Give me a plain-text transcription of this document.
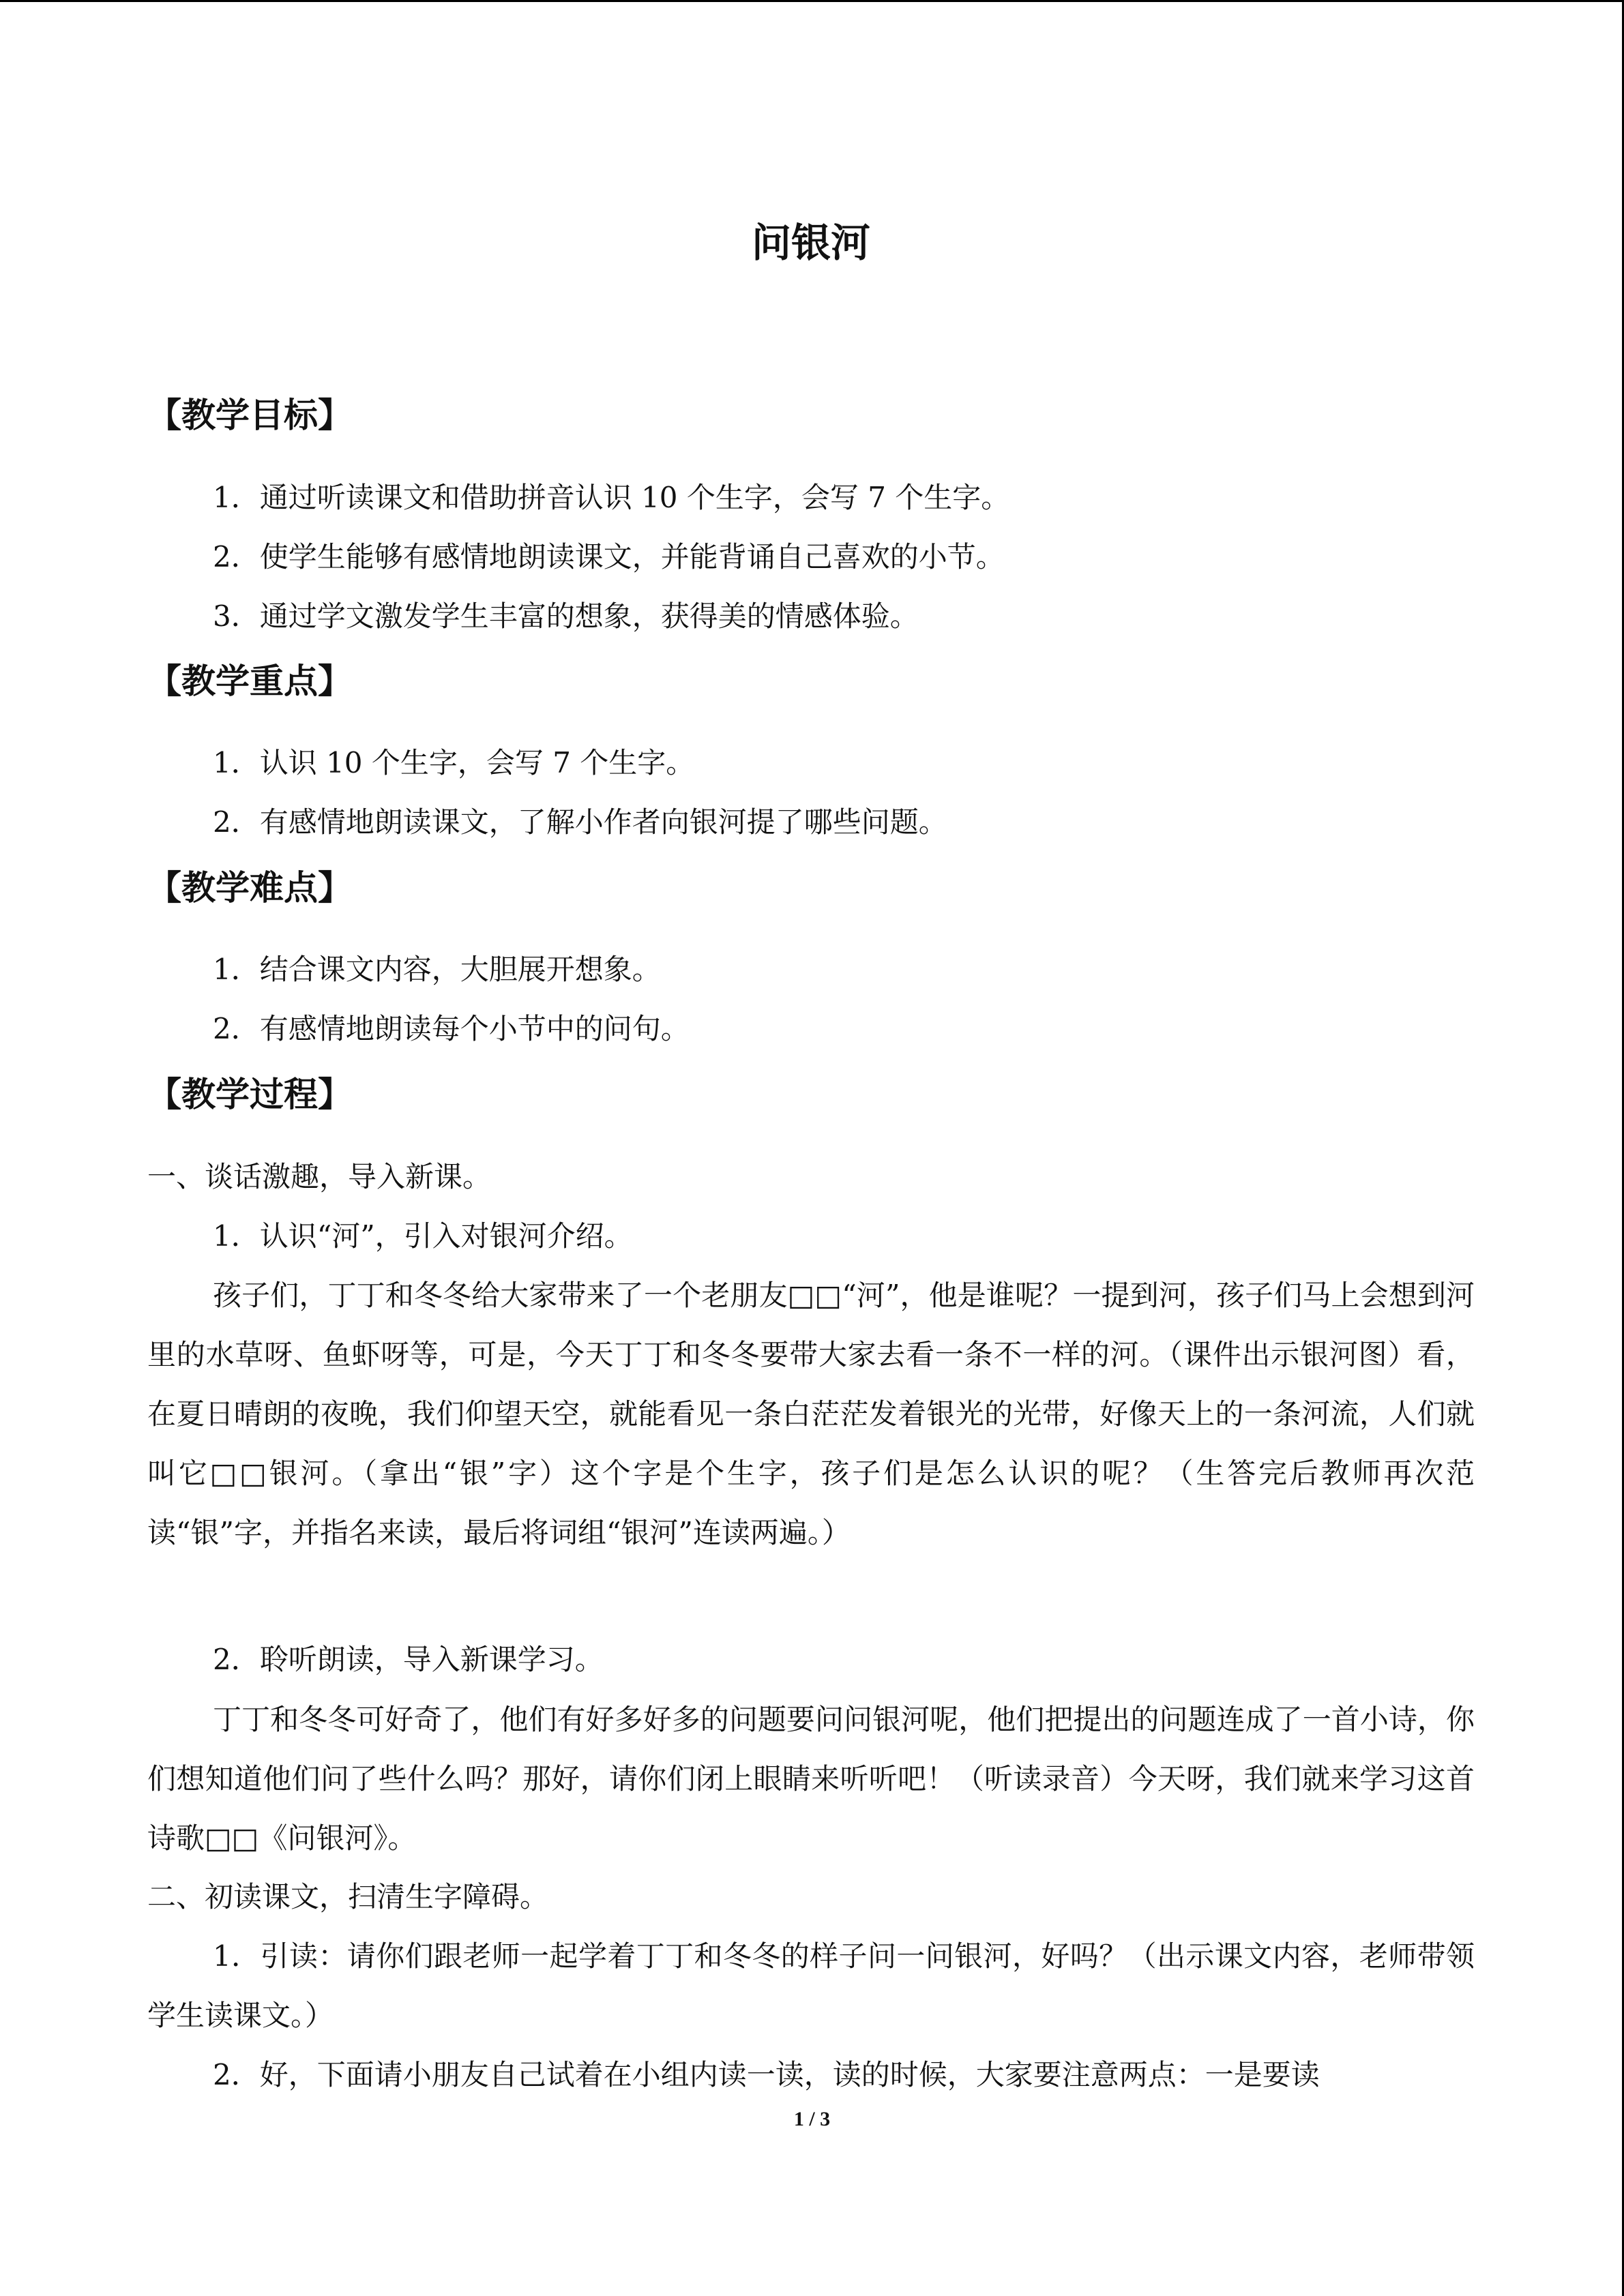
问银河
【教学目标】
1．通过听读课文和借助拼音认识 10 个生字，会写 7 个生字。
2．使学生能够有感情地朗读课文，并能背诵自己喜欢的小节。
3．通过学文激发学生丰富的想象，获得美的情感体验。
【教学重点】
1．认识 10 个生字，会写 7 个生字。
2．有感情地朗读课文，了解小作者向银河提了哪些问题。
【教学难点】
1．结合课文内容，大胆展开想象。
2．有感情地朗读每个小节中的问句。
【教学过程】
一、谈话激趣，导入新课。
1．认识“河”，引入对银河介绍。

孩子们，丁丁和冬冬给大家带来了一个老朋友□□“河”，他是谁呢？一提到河，孩子们马上会想到河里的水草呀、鱼虾呀等，可是，今天丁丁和冬冬要带大家去看一条不一样的河。（课件出示银河图）看，在夏日晴朗的夜晚，我们仰望天空，就能看见一条白茫茫发着银光的光带，好像天上的一条河流，人们就叫它□□银河。（拿出“银”字）这个字是个生字，孩子们是怎么认识的呢？（生答完后教师再次范读“银”字，并指名来读，最后将词组“银河”连读两遍。）

2．聆听朗读，导入新课学习。

丁丁和冬冬可好奇了，他们有好多好多的问题要问问银河呢，他们把提出的问题连成了一首小诗，你们想知道他们问了些什么吗？那好，请你们闭上眼睛来听听吧！（听读录音）今天呀，我们就来学习这首诗歌□□《问银河》。

二、初读课文，扫清生字障碍。

1．引读：请你们跟老师一起学着丁丁和冬冬的样子问一问银河，好吗？（出示课文内容，老师带领学生读课文。）

2．好，下面请小朋友自己试着在小组内读一读，读的时候，大家要注意两点：一是要读

1 / 3
